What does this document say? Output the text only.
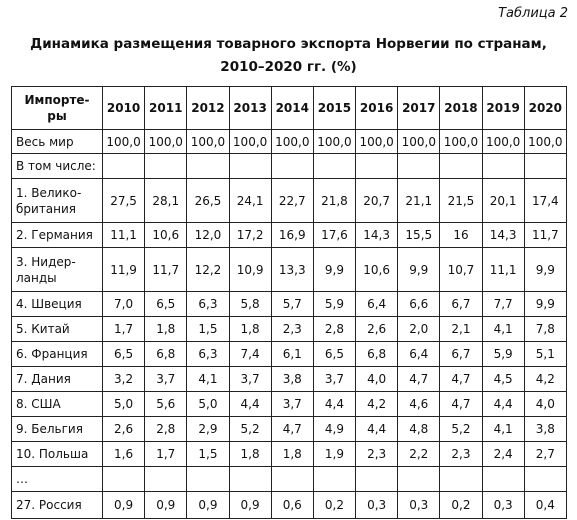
Таблица 2
Динамика размещения товарного экспорта Норвегии по странам,
2010–2020 гг. (%)
Импорте-
ры	2010	2011	2012	2013	2014	2015	2016	2017	2018	2019	2020

Весь мир	100,0	100,0	100,0	100,0	100,0	100,0	100,0	100,0	100,0	100,0	100,0

В том числе:											

1. Велико-
британия	27,5	28,1	26,5	24,1	22,7	21,8	20,7	21,1	21,5	20,1	17,4

2. Германия	11,1	10,6	12,0	17,2	16,9	17,6	14,3	15,5	16	14,3	11,7

3. Нидер-
ланды	11,9	11,7	12,2	10,9	13,3	9,9	10,6	9,9	10,7	11,1	9,9

4. Швеция	7,0	6,5	6,3	5,8	5,7	5,9	6,4	6,6	6,7	7,7	9,9

5. Китай	1,7	1,8	1,5	1,8	2,3	2,8	2,6	2,0	2,1	4,1	7,8

6. Франция	6,5	6,8	6,3	7,4	6,1	6,5	6,8	6,4	6,7	5,9	5,1

7. Дания	3,2	3,7	4,1	3,7	3,8	3,7	4,0	4,7	4,7	4,5	4,2

8. США	5,0	5,6	5,0	4,4	3,7	4,4	4,2	4,6	4,7	4,4	4,0

9. Бельгия	2,6	2,8	2,9	5,2	4,7	4,9	4,4	4,8	5,2	4,1	3,8

10. Польша	1,6	1,7	1,5	1,8	1,8	1,9	2,3	2,2	2,3	2,4	2,7

…											

27. Россия	0,9	0,9	0,9	0,9	0,6	0,2	0,3	0,3	0,2	0,3	0,4
